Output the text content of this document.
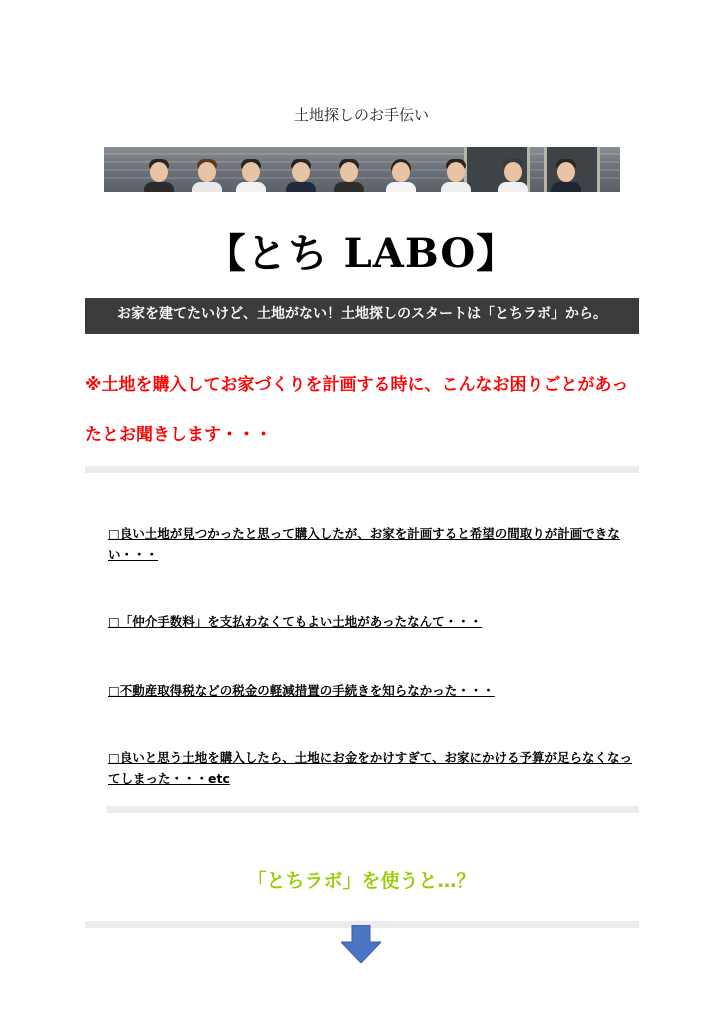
土地探しのお手伝い
【とち LABO】
お家を建てたいけど、土地がない！土地探しのスタートは「とちラボ」から。
※土地を購入してお家づくりを計画する時に、こんなお困りごとがあったとお聞きします・・・
□良い土地が見つかったと思って購入したが、お家を計画すると希望の間取りが計画できない・・・
□「仲介手数料」を支払わなくてもよい土地があったなんて・・・
□不動産取得税などの税金の軽減措置の手続きを知らなかった・・・
□良いと思う土地を購入したら、土地にお金をかけすぎて、お家にかける予算が足らなくなってしまった・・・etc
「とちラボ」を使うと…？
